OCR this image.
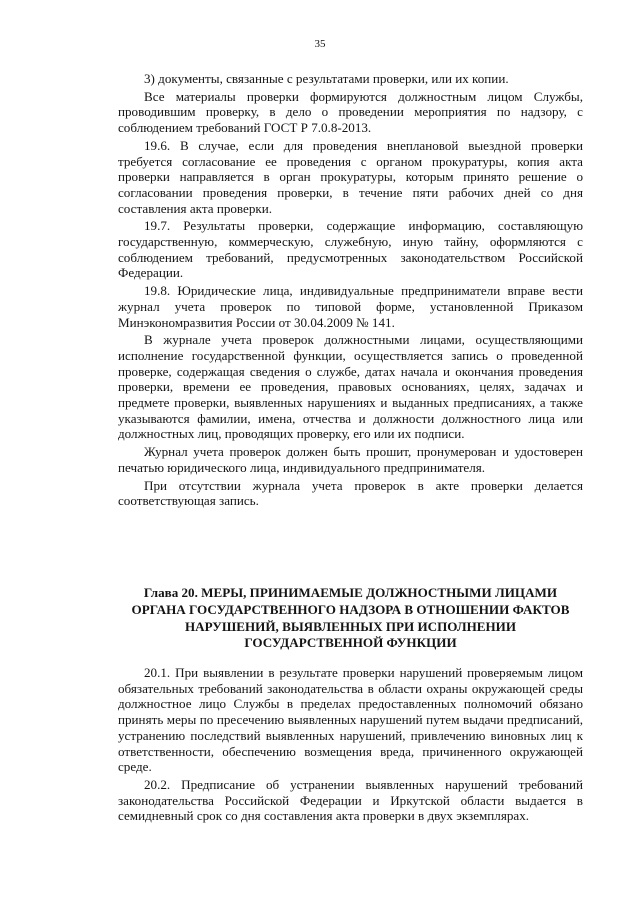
35

3) документы, связанные с результатами проверки, или их копии.

Все материалы проверки формируются должностным лицом Службы, проводившим проверку, в дело о проведении мероприятия по надзору, с соблюдением требований ГОСТ Р 7.0.8-2013.

19.6. В случае, если для проведения внеплановой выездной проверки требуется согласование ее проведения с органом прокуратуры, копия акта проверки направляется в орган прокуратуры, которым принято решение о согласовании проведения проверки, в течение пяти рабочих дней со дня составления акта проверки.

19.7. Результаты проверки, содержащие информацию, составляющую государственную, коммерческую, служебную, иную тайну, оформляются с соблюдением требований, предусмотренных законодательством Российской Федерации.

19.8. Юридические лица, индивидуальные предприниматели вправе вести журнал учета проверок по типовой форме, установленной Приказом Минэкономразвития России от 30.04.2009 № 141.

В журнале учета проверок должностными лицами, осуществляющими исполнение государственной функции, осуществляется запись о проведенной проверке, содержащая сведения о службе, датах начала и окончания проведения проверки, времени ее проведения, правовых основаниях, целях, задачах и предмете проверки, выявленных нарушениях и выданных предписаниях, а также указываются фамилии, имена, отчества и должности должностного лица или должностных лиц, проводящих проверку, его или их подписи.

Журнал учета проверок должен быть прошит, пронумерован и удостоверен печатью юридического лица, индивидуального предпринимателя.

При отсутствии журнала учета проверок в акте проверки делается соответствующая запись.

Глава 20. МЕРЫ, ПРИНИМАЕМЫЕ ДОЛЖНОСТНЫМИ ЛИЦАМИ ОРГАНА ГОСУДАРСТВЕННОГО НАДЗОРА В ОТНОШЕНИИ ФАКТОВ НАРУШЕНИЙ, ВЫЯВЛЕННЫХ ПРИ ИСПОЛНЕНИИ ГОСУДАРСТВЕННОЙ ФУНКЦИИ

20.1. При выявлении в результате проверки нарушений проверяемым лицом обязательных требований законодательства в области охраны окружающей среды должностное лицо Службы в пределах предоставленных полномочий обязано принять меры по пресечению выявленных нарушений путем выдачи предписаний, устранению последствий выявленных нарушений, привлечению виновных лиц к ответственности, обеспечению возмещения вреда, причиненного окружающей среде.

20.2. Предписание об устранении выявленных нарушений требований законодательства Российской Федерации и Иркутской области выдается в семидневный срок со дня составления акта проверки в двух экземплярах.
